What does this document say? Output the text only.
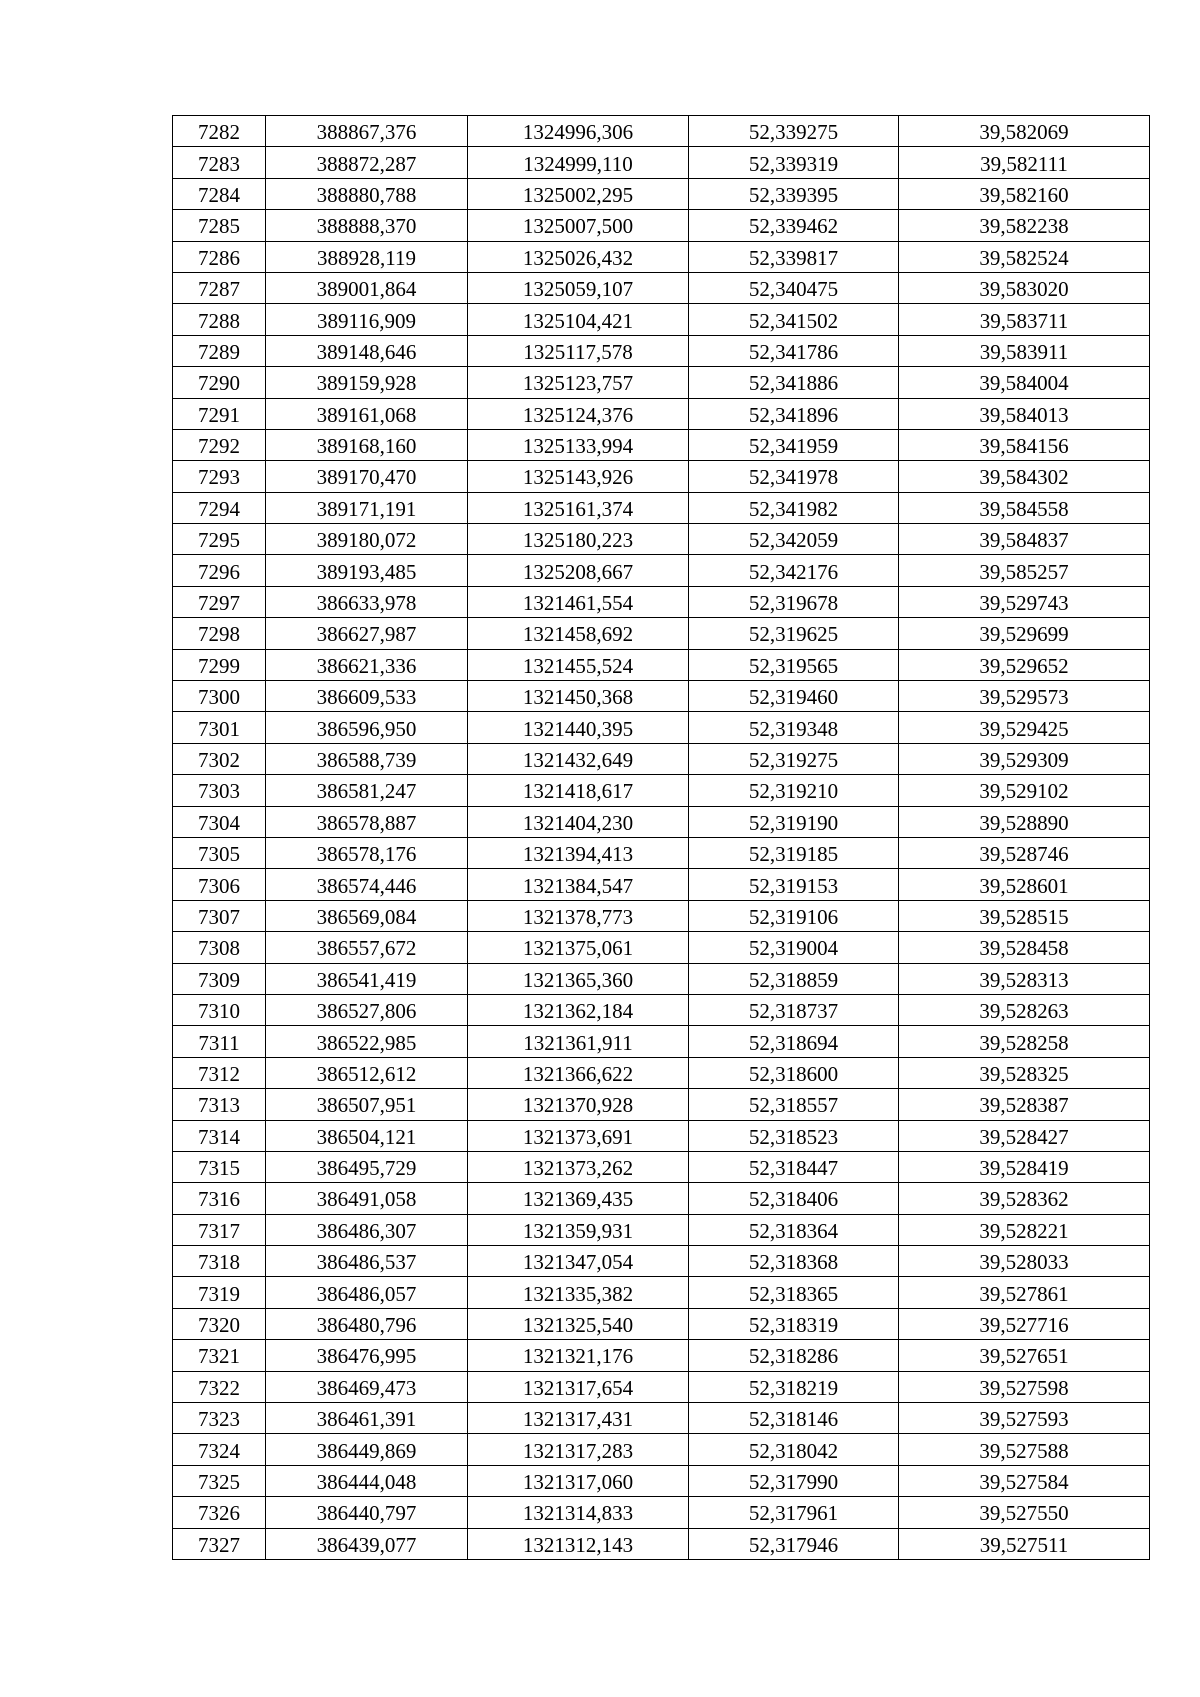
7282	388867,376	1324996,306	52,339275	39,582069
7283	388872,287	1324999,110	52,339319	39,582111
7284	388880,788	1325002,295	52,339395	39,582160
7285	388888,370	1325007,500	52,339462	39,582238
7286	388928,119	1325026,432	52,339817	39,582524
7287	389001,864	1325059,107	52,340475	39,583020
7288	389116,909	1325104,421	52,341502	39,583711
7289	389148,646	1325117,578	52,341786	39,583911
7290	389159,928	1325123,757	52,341886	39,584004
7291	389161,068	1325124,376	52,341896	39,584013
7292	389168,160	1325133,994	52,341959	39,584156
7293	389170,470	1325143,926	52,341978	39,584302
7294	389171,191	1325161,374	52,341982	39,584558
7295	389180,072	1325180,223	52,342059	39,584837
7296	389193,485	1325208,667	52,342176	39,585257
7297	386633,978	1321461,554	52,319678	39,529743
7298	386627,987	1321458,692	52,319625	39,529699
7299	386621,336	1321455,524	52,319565	39,529652
7300	386609,533	1321450,368	52,319460	39,529573
7301	386596,950	1321440,395	52,319348	39,529425
7302	386588,739	1321432,649	52,319275	39,529309
7303	386581,247	1321418,617	52,319210	39,529102
7304	386578,887	1321404,230	52,319190	39,528890
7305	386578,176	1321394,413	52,319185	39,528746
7306	386574,446	1321384,547	52,319153	39,528601
7307	386569,084	1321378,773	52,319106	39,528515
7308	386557,672	1321375,061	52,319004	39,528458
7309	386541,419	1321365,360	52,318859	39,528313
7310	386527,806	1321362,184	52,318737	39,528263
7311	386522,985	1321361,911	52,318694	39,528258
7312	386512,612	1321366,622	52,318600	39,528325
7313	386507,951	1321370,928	52,318557	39,528387
7314	386504,121	1321373,691	52,318523	39,528427
7315	386495,729	1321373,262	52,318447	39,528419
7316	386491,058	1321369,435	52,318406	39,528362
7317	386486,307	1321359,931	52,318364	39,528221
7318	386486,537	1321347,054	52,318368	39,528033
7319	386486,057	1321335,382	52,318365	39,527861
7320	386480,796	1321325,540	52,318319	39,527716
7321	386476,995	1321321,176	52,318286	39,527651
7322	386469,473	1321317,654	52,318219	39,527598
7323	386461,391	1321317,431	52,318146	39,527593
7324	386449,869	1321317,283	52,318042	39,527588
7325	386444,048	1321317,060	52,317990	39,527584
7326	386440,797	1321314,833	52,317961	39,527550
7327	386439,077	1321312,143	52,317946	39,527511
